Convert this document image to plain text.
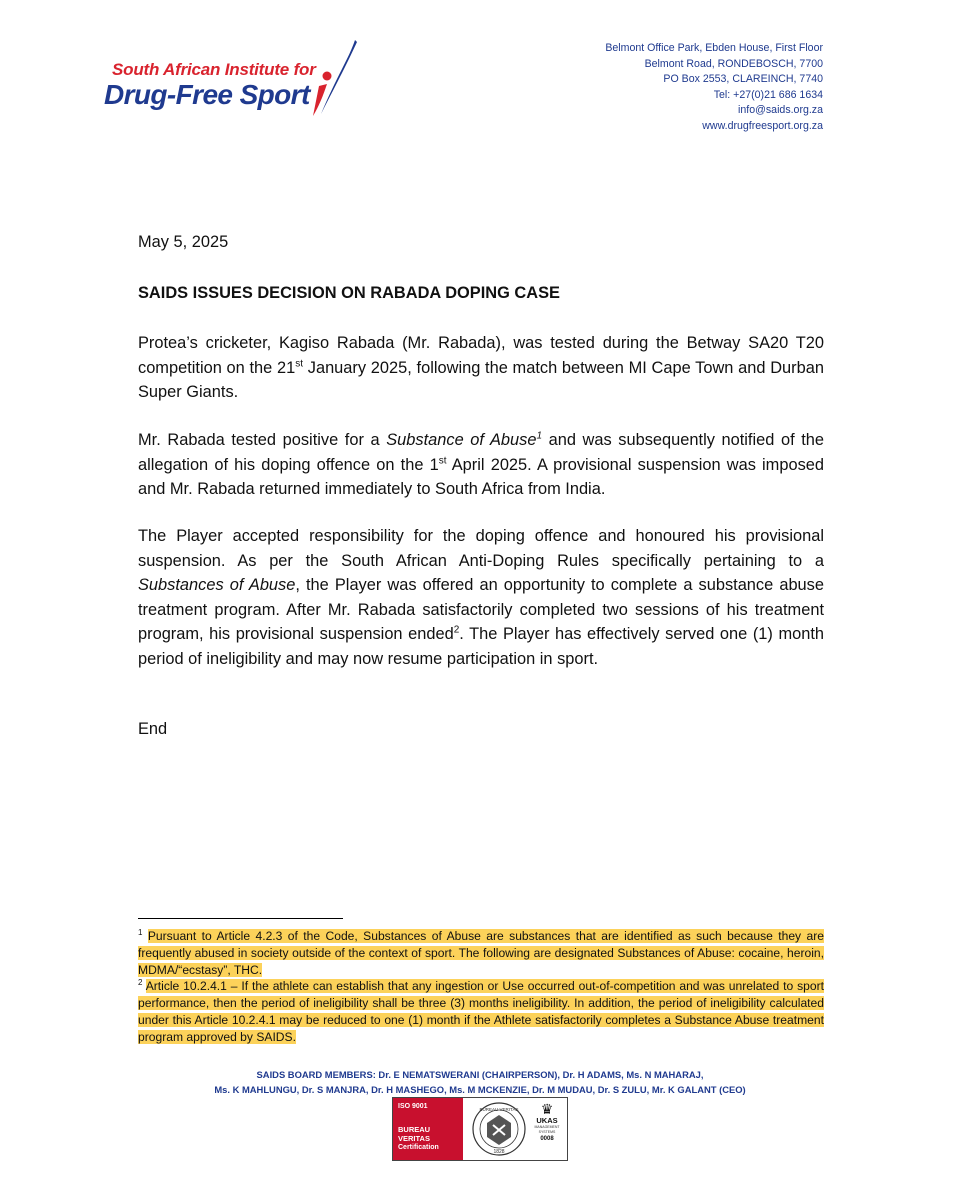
South African Institute for
Drug-Free Sport
Belmont Office Park, Ebden House, First Floor
Belmont Road, RONDEBOSCH, 7700
PO Box 2553, CLAREINCH, 7740
Tel: +27(0)21 686 1634
info@saids.org.za
www.drugfreesport.org.za
May 5, 2025
SAIDS ISSUES DECISION ON RABADA DOPING CASE
Protea’s cricketer, Kagiso Rabada (Mr. Rabada), was tested during the Betway SA20 T20 competition on the 21st January 2025, following the match between MI Cape Town and Durban Super Giants.
Mr. Rabada tested positive for a Substance of Abuse$^1$ and was subsequently notified of the allegation of his doping offence on the 1st April 2025. A provisional suspension was imposed and Mr. Rabada returned immediately to South Africa from India.
The Player accepted responsibility for the doping offence and honoured his provisional suspension. As per the South African Anti-Doping Rules specifically pertaining to a Substances of Abuse, the Player was offered an opportunity to complete a substance abuse treatment program. After Mr. Rabada satisfactorily completed two sessions of his treatment program, his provisional suspension ended$^2$. The Player has effectively served one (1) month period of ineligibility and may now resume participation in sport.
End
$^1$ Pursuant to Article 4.2.3 of the Code, Substances of Abuse are substances that are identified as such because they are frequently abused in society outside of the context of sport. The following are designated Substances of Abuse: cocaine, heroin, MDMA/“ecstasy”, THC.
$^2$ Article 10.2.4.1 – If the athlete can establish that any ingestion or Use occurred out-of-competition and was unrelated to sport performance, then the period of ineligibility shall be three (3) months ineligibility. In addition, the period of ineligibility calculated under this Article 10.2.4.1 may be reduced to one (1) month if the Athlete satisfactorily completes a Substance Abuse treatment program approved by SAIDS.
SAIDS BOARD MEMBERS: Dr. E NEMATSWERANI (CHAIRPERSON), Dr. H ADAMS, Ms. N MAHARAJ,
Ms. K MAHLUNGU, Dr. S MANJRA, Dr. H MASHEGO, Ms. M MCKENZIE, Dr. M MUDAU, Dr. S ZULU, Mr. K GALANT (CEO)
ISO 9001
BUREAU VERITAS
Certification
BUREAU VERITAS
1828
♛
UKAS
MANAGEMENT SYSTEMS
0008
